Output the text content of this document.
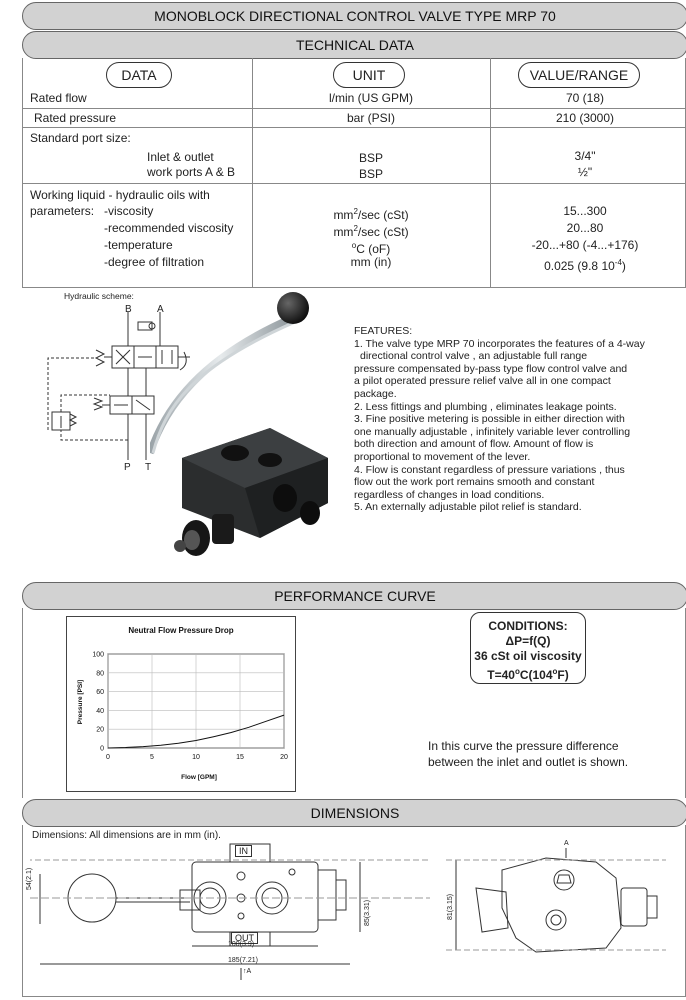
MONOBLOCK DIRECTIONAL CONTROL VALVE TYPE MRP 70
TECHNICAL DATA
DATA	UNIT	VALUE/RANGE
Rated flow	l/min (US GPM)	70 (18)
Rated pressure	bar (PSI)	210 (3000)
Standard port size:
Inlet & outlet	BSP	3/4"
work ports A & B	BSP	½"
Working liquid - hydraulic oils with
parameters: -viscosity	$mm^2/\sec$ (cSt)	15...300
-recommended viscosity	$mm^2/\sec$ (cSt)	20...80
-temperature	$^o$C (oF)	-20...+80 (-4...+176)
-degree of filtration	mm (in)	0.025 (9.8 $10^{-4}$)
Hydraulic scheme:
B	A
P T
FEATURES:
1. The valve type MRP 70 incorporates the features of a 4-way
directional control valve , an adjustable full range
pressure compensated by-pass type flow control valve and
a pilot operated pressure relief valve all in one compact
package.
2. Less fittings and plumbing , eliminates leakage points.
3. Fine positive metering is possible in either direction with
one manually adjustable , infinitely variable lever controlling
both direction and amount of flow. Amount of flow is
proportional to movement of the lever.
4. Flow is constant regardless of pressure variations , thus
flow out the work port remains smooth and constant
regardless of changes in load conditions.
5. An externally adjustable pilot relief is standard.
PERFORMANCE CURVE
Neutral Flow Pressure Drop
Flow [GPM]
Pressure [PSI]
0
20
40
60
80
100
0	5	10	15	20
CONDITIONS:
ΔP=f(Q)
36 cSt oil viscosity
$T=40^oC(104^oF)$
In this curve the pressure difference
between the inlet and outlet is shown.
DIMENSIONS
Dimensions: All dimensions are in mm (in).
IN
OUT
54(2.1)
85(3.31)
100(3.9)
185(7.21)
↑A
81(3.15)
A
